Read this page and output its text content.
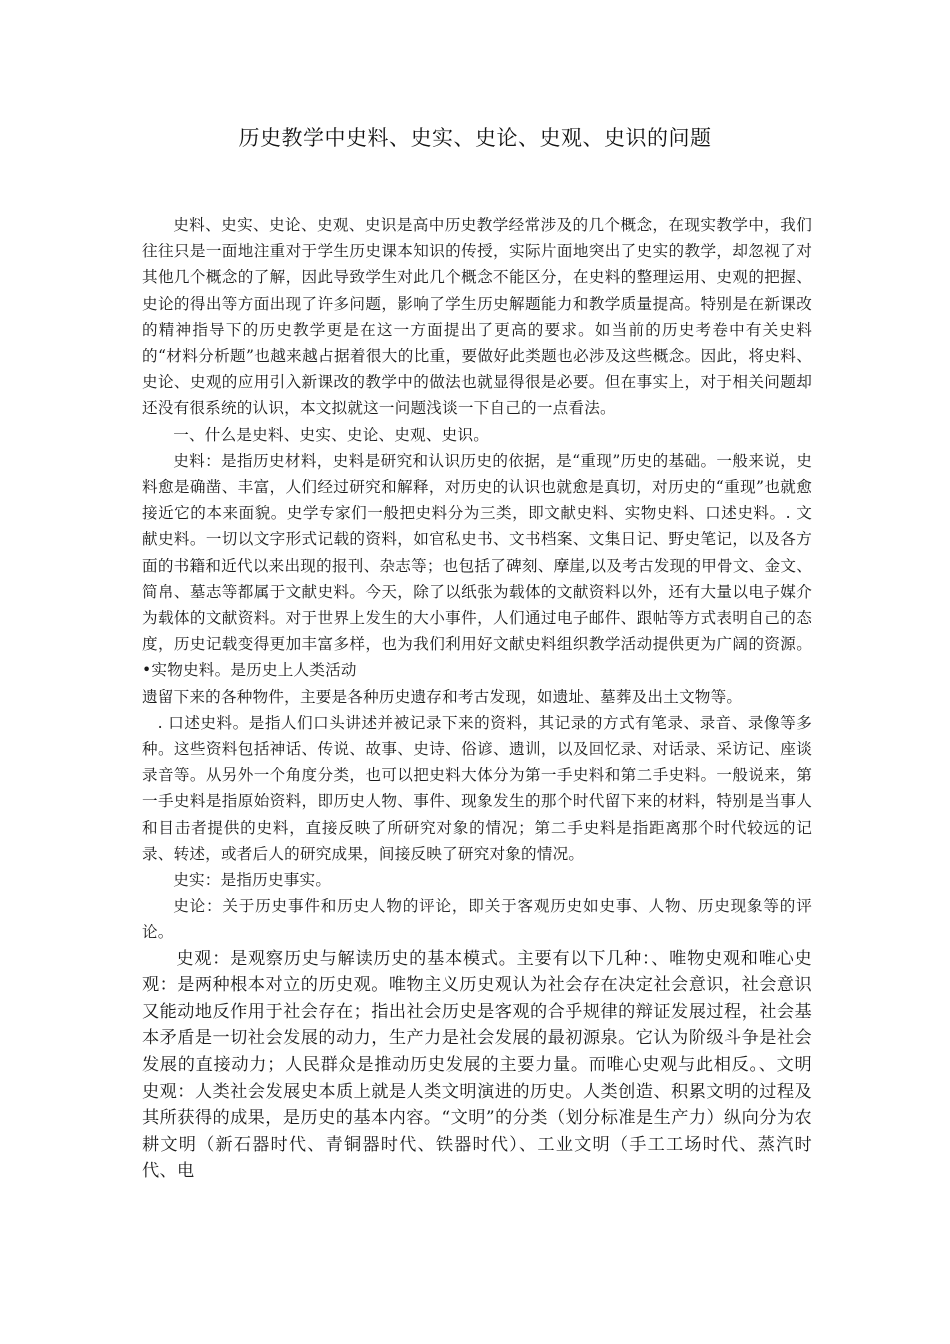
历史教学中史料、史实、史论、史观、史识的问题

史料、史实、史论、史观、史识是高中历史教学经常涉及的几个概念，在现实教学中，我们往往只是一面地注重对于学生历史课本知识的传授，实际片面地突出了史实的教学，却忽视了对其他几个概念的了解，因此导致学生对此几个概念不能区分，在史料的整理运用、史观的把握、史论的得出等方面出现了许多问题，影响了学生历史解题能力和教学质量提高。特别是在新课改的精神指导下的历史教学更是在这一方面提出了更高的要求。如当前的历史考卷中有关史料的“材料分析题”也越来越占据着很大的比重，要做好此类题也必涉及这些概念。因此，将史料、史论、史观的应用引入新课改的教学中的做法也就显得很是必要。但在事实上，对于相关问题却还没有很系统的认识，本文拟就这一问题浅谈一下自己的一点看法。

一、什么是史料、史实、史论、史观、史识。

史料：是指历史材料，史料是研究和认识历史的依据，是“重现”历史的基础。一般来说，史料愈是确凿、丰富，人们经过研究和解释，对历史的认识也就愈是真切，对历史的“重现”也就愈接近它的本来面貌。史学专家们一般把史料分为三类，即文献史料、实物史料、口述史料。. 文献史料。一切以文字形式记载的资料，如官私史书、文书档案、文集日记、野史笔记，以及各方面的书籍和近代以来出现的报刊、杂志等；也包括了碑刻、摩崖,以及考古发现的甲骨文、金文、简帛、墓志等都属于文献史料。今天，除了以纸张为载体的文献资料以外，还有大量以电子媒介为载体的文献资料。对于世界上发生的大小事件，人们通过电子邮件、跟帖等方式表明自己的态度，历史记载变得更加丰富多样，也为我们利用好文献史料组织教学活动提供更为广阔的资源。•实物史料。是历史上人类活动

遗留下来的各种物件，主要是各种历史遗存和考古发现，如遗址、墓葬及出土文物等。

. 口述史料。是指人们口头讲述并被记录下来的资料，其记录的方式有笔录、录音、录像等多种。这些资料包括神话、传说、故事、史诗、俗谚、遗训，以及回忆录、对话录、采访记、座谈录音等。从另外一个角度分类，也可以把史料大体分为第一手史料和第二手史料。一般说来，第一手史料是指原始资料，即历史人物、事件、现象发生的那个时代留下来的材料，特别是当事人和目击者提供的史料，直接反映了所研究对象的情况；第二手史料是指距离那个时代较远的记录、转述，或者后人的研究成果，间接反映了研究对象的情况。

史实：是指历史事实。

史论：关于历史事件和历史人物的评论，即关于客观历史如史事、人物、历史现象等的评论。

史观：是观察历史与解读历史的基本模式。主要有以下几种：、唯物史观和唯心史观：是两种根本对立的历史观。唯物主义历史观认为社会存在决定社会意识，社会意识又能动地反作用于社会存在；指出社会历史是客观的合乎规律的辩证发展过程，社会基本矛盾是一切社会发展的动力，生产力是社会发展的最初源泉。它认为阶级斗争是社会发展的直接动力；人民群众是推动历史发展的主要力量。而唯心史观与此相反。、文明史观：人类社会发展史本质上就是人类文明演进的历史。人类创造、积累文明的过程及其所获得的成果，是历史的基本内容。“文明”的分类（划分标准是生产力）纵向分为农耕文明（新石器时代、青铜器时代、铁器时代）、工业文明（手工工场时代、蒸汽时代、电
